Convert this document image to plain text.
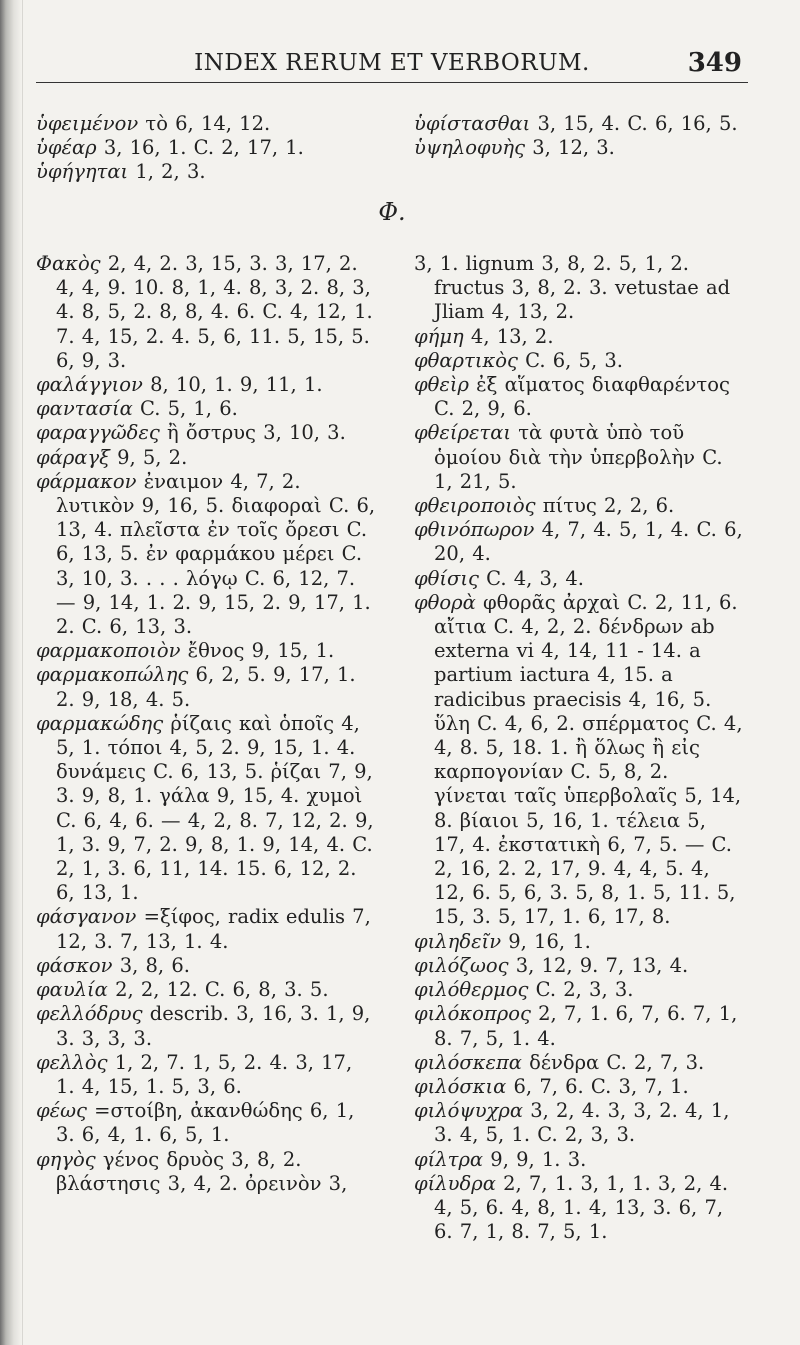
INDEX RERUM ET VERBORUM.	349
ὑφειμένον τὸ 6, 14, 12.
ὑφέαρ 3, 16, 1. C. 2, 17, 1.
ὑφήγηται 1, 2, 3.
ὑφίστασθαι 3, 15, 4. C. 6, 16, 5.
ὑψηλοφυὴς 3, 12, 3.
Φ.
Φακὸς 2, 4, 2. 3, 15, 3. 3, 17, 2. 4, 4, 9. 10. 8, 1, 4. 8, 3, 2. 8, 3, 4. 8, 5, 2. 8, 8, 4. 6. C. 4, 12, 1. 7. 4, 15, 2. 4. 5, 6, 11. 5, 15, 5. 6, 9, 3.
φαλάγγιον 8, 10, 1. 9, 11, 1.
φαντασία C. 5, 1, 6.
φαραγγῶδες ἢ ὄστρυς 3, 10, 3.
φάραγξ 9, 5, 2.
φάρμακον ἐναιμον 4, 7, 2. λυτικὸν 9, 16, 5. διαφοραὶ C. 6, 13, 4. πλεῖστα ἐν τοῖς ὄρεσι C. 6, 13, 5. ἐν φαρμάκου μέρει C. 3, 10, 3. . . . λόγῳ C. 6, 12, 7. — 9, 14, 1. 2. 9, 15, 2. 9, 17, 1. 2. C. 6, 13, 3.
φαρμακοποιὸν ἔθνος 9, 15, 1.
φαρμακοπώλης 6, 2, 5. 9, 17, 1. 2. 9, 18, 4. 5.
φαρμακώδης ῥίζαις καὶ ὁποῖς 4, 5, 1. τόποι 4, 5, 2. 9, 15, 1. 4. δυνάμεις C. 6, 13, 5. ῥίζαι 7, 9, 3. 9, 8, 1. γάλα 9, 15, 4. χυμοὶ C. 6, 4, 6. — 4, 2, 8. 7, 12, 2. 9, 1, 3. 9, 7, 2. 9, 8, 1. 9, 14, 4. C. 2, 1, 3. 6, 11, 14. 15. 6, 12, 2. 6, 13, 1.
φάσγανον =ξίφος, radix edulis 7, 12, 3. 7, 13, 1. 4.
φάσκον 3, 8, 6.
φαυλία 2, 2, 12. C. 6, 8, 3. 5.
φελλόδρυς describ. 3, 16, 3. 1, 9, 3. 3, 3, 3.
φελλὸς 1, 2, 7. 1, 5, 2. 4. 3, 17, 1. 4, 15, 1. 5, 3, 6.
φέως =στοίβη, ἀκανθώδης 6, 1, 3. 6, 4, 1. 6, 5, 1.
φηγὸς γένος δρυὸς 3, 8, 2. βλάστησις 3, 4, 2. ὀρεινὸν 3,
3, 1. lignum 3, 8, 2. 5, 1, 2. fructus 3, 8, 2. 3. vetustae ad Jliam 4, 13, 2.
φήμη 4, 13, 2.
φθαρτικὸς C. 6, 5, 3.
φθεὶρ ἐξ αἵματος διαφθαρέντος C. 2, 9, 6.
φθείρεται τὰ φυτὰ ὑπὸ τοῦ ὁμοίου διὰ τὴν ὑπερβολὴν C. 1, 21, 5.
φθειροποιὸς πίτυς 2, 2, 6.
φθινόπωρον 4, 7, 4. 5, 1, 4. C. 6, 20, 4.
φθίσις C. 4, 3, 4.
φθορὰ φθορᾶς ἀρχαὶ C. 2, 11, 6. αἴτια C. 4, 2, 2. δένδρων ab externa vi 4, 14, 11 - 14. a partium iactura 4, 15. a radicibus praecisis 4, 16, 5. ὕλη C. 4, 6, 2. σπέρματος C. 4, 4, 8. 5, 18. 1. ἢ ὅλως ἢ εἰς καρπογονίαν C. 5, 8, 2. γίνεται ταῖς ὑπερβολαῖς 5, 14, 8. βίαιοι 5, 16, 1. τέλεια 5, 17, 4. ἐκστατικὴ 6, 7, 5. — C. 2, 16, 2. 2, 17, 9. 4, 4, 5. 4, 12, 6. 5, 6, 3. 5, 8, 1. 5, 11. 5, 15, 3. 5, 17, 1. 6, 17, 8.
φιληδεῖν 9, 16, 1.
φιλόζωος 3, 12, 9. 7, 13, 4.
φιλόθερμος C. 2, 3, 3.
φιλόκοπρος 2, 7, 1. 6, 7, 6. 7, 1, 8. 7, 5, 1. 4.
φιλόσκεπα δένδρα C. 2, 7, 3.
φιλόσκια 6, 7, 6. C. 3, 7, 1.
φιλόψυχρα 3, 2, 4. 3, 3, 2. 4, 1, 3. 4, 5, 1. C. 2, 3, 3.
φίλτρα 9, 9, 1. 3.
φίλυδρα 2, 7, 1. 3, 1, 1. 3, 2, 4. 4, 5, 6. 4, 8, 1. 4, 13, 3. 6, 7, 6. 7, 1, 8. 7, 5, 1.
